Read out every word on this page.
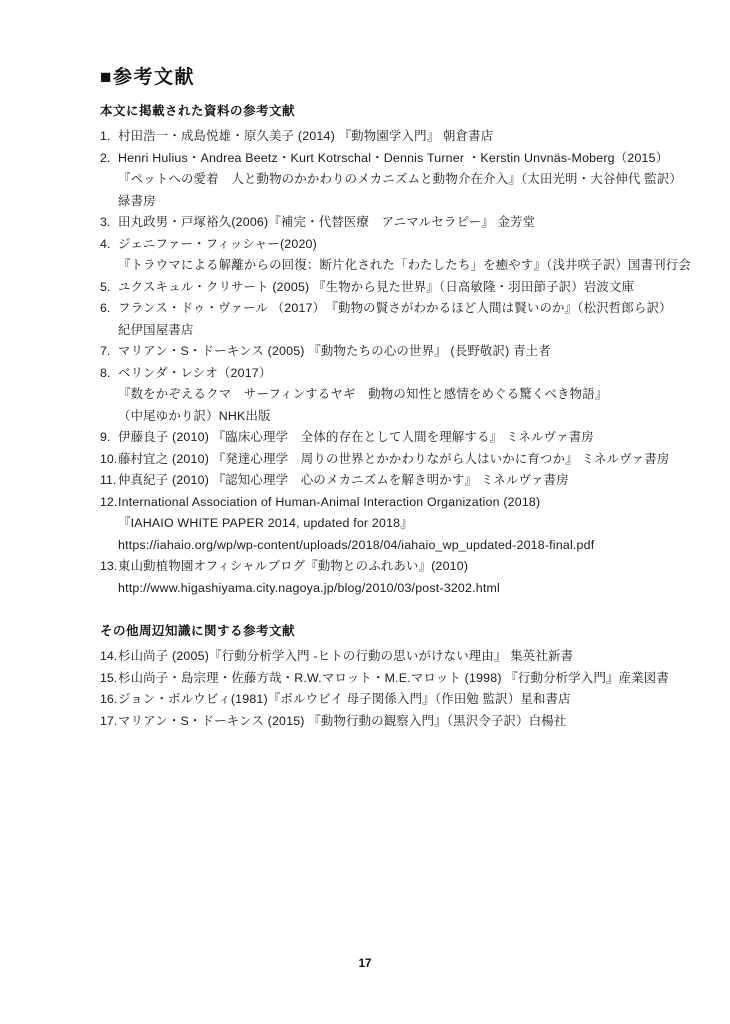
■参考文献
本文に掲載された資料の参考文献
1. 村田浩一・成島悦雄・原久美子 (2014) 『動物園学入門』 朝倉書店
2. Henri Hulius・Andrea Beetz・Kurt Kotrschal・Dennis Turner ・Kerstin Unvnäs-Moberg（2015）
『ペットへの愛着　人と動物のかかわりのメカニズムと動物介在介入』（太田光明・大谷伸代 監訳）
緑書房
3. 田丸政男・戸塚裕久(2006)『補完・代替医療　アニマルセラピー』 金芳堂
4. ジェニファー・フィッシャー(2020)
『トラウマによる解離からの回復：断片化された「わたしたち」を癒やす』（浅井咲子訳）国書刊行会
5. ユクスキュル・クリサート (2005) 『生物から見た世界』（日高敏隆・羽田節子訳）岩波文庫
6. フランス・ドゥ・ヴァール （2017）　『動物の賢さがわかるほど人間は賢いのか』（松沢哲郎ら訳）
紀伊国屋書店
7. マリアン・S・ドーキンス (2005) 『動物たちの心の世界』 (長野敬訳) 青土者
8. ベリンダ・レシオ（2017）
『数をかぞえるクマ　サーフィンするヤギ　動物の知性と感情をめぐる驚くべき物語』
（中尾ゆかり訳）NHK出版
9. 伊藤良子 (2010) 『臨床心理学　全体的存在として人間を理解する』 ミネルヴァ書房
10. 藤村宜之 (2010) 『発達心理学　周りの世界とかかわりながら人はいかに育つか』 ミネルヴァ書房
11. 仲真紀子 (2010) 『認知心理学　心のメカニズムを解き明かす』 ミネルヴァ書房
12. International Association of Human-Animal Interaction Organization (2018)
『IAHAIO WHITE PAPER 2014, updated for 2018』
https://iahaio.org/wp/wp-content/uploads/2018/04/iahaio_wp_updated-2018-final.pdf
13. 東山動植物園オフィシャルブログ『動物とのふれあい』(2010)
http://www.higashiyama.city.nagoya.jp/blog/2010/03/post-3202.html
その他周辺知識に関する参考文献
14. 杉山尚子 (2005)『行動分析学入門 -ヒトの行動の思いがけない理由』 集英社新書
15. 杉山尚子・島宗理・佐藤方哉・R.W.マロット・M.E.マロット (1998) 『行動分析学入門』産業図書
16. ジョン・ボルウビィ(1981)『ボルウビイ 母子関係入門』（作田勉 監訳）星和書店
17. マリアン・S・ドーキンス (2015) 『動物行動の観察入門』（黒沢令子訳）白楊社
17
